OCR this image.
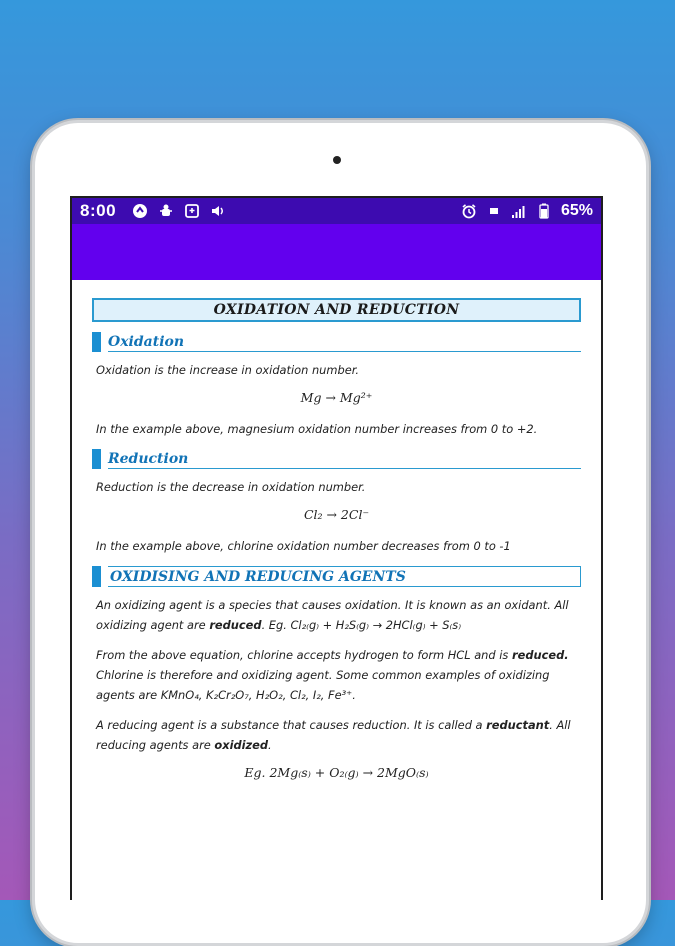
8:00	65%
OXIDATION AND REDUCTION
Oxidation

Oxidation is the increase in oxidation number.

Mg → Mg²⁺

In the example above, magnesium oxidation number increases from 0 to +2.

Reduction

Reduction is the decrease in oxidation number.

Cl₂ → 2Cl⁻

In the example above, chlorine oxidation number decreases from 0 to -1

OXIDISING AND REDUCING AGENTS

An oxidizing agent is a species that causes oxidation. It is known as an oxidant. All oxidizing agent are reduced. Eg. Cl₂₍g₎ + H₂S₍g₎ → 2HCl₍g₎ + S₍s₎

From the above equation, chlorine accepts hydrogen to form HCL and is reduced. Chlorine is therefore and oxidizing agent. Some common examples of oxidizing agents are KMnO₄, K₂Cr₂O₇, H₂O₂, Cl₂, I₂, Fe³⁺.

A reducing agent is a substance that causes reduction. It is called a reductant. All reducing agents are oxidized.

Eg. 2Mg₍s₎ + O₂₍g₎ → 2MgO₍s₎
